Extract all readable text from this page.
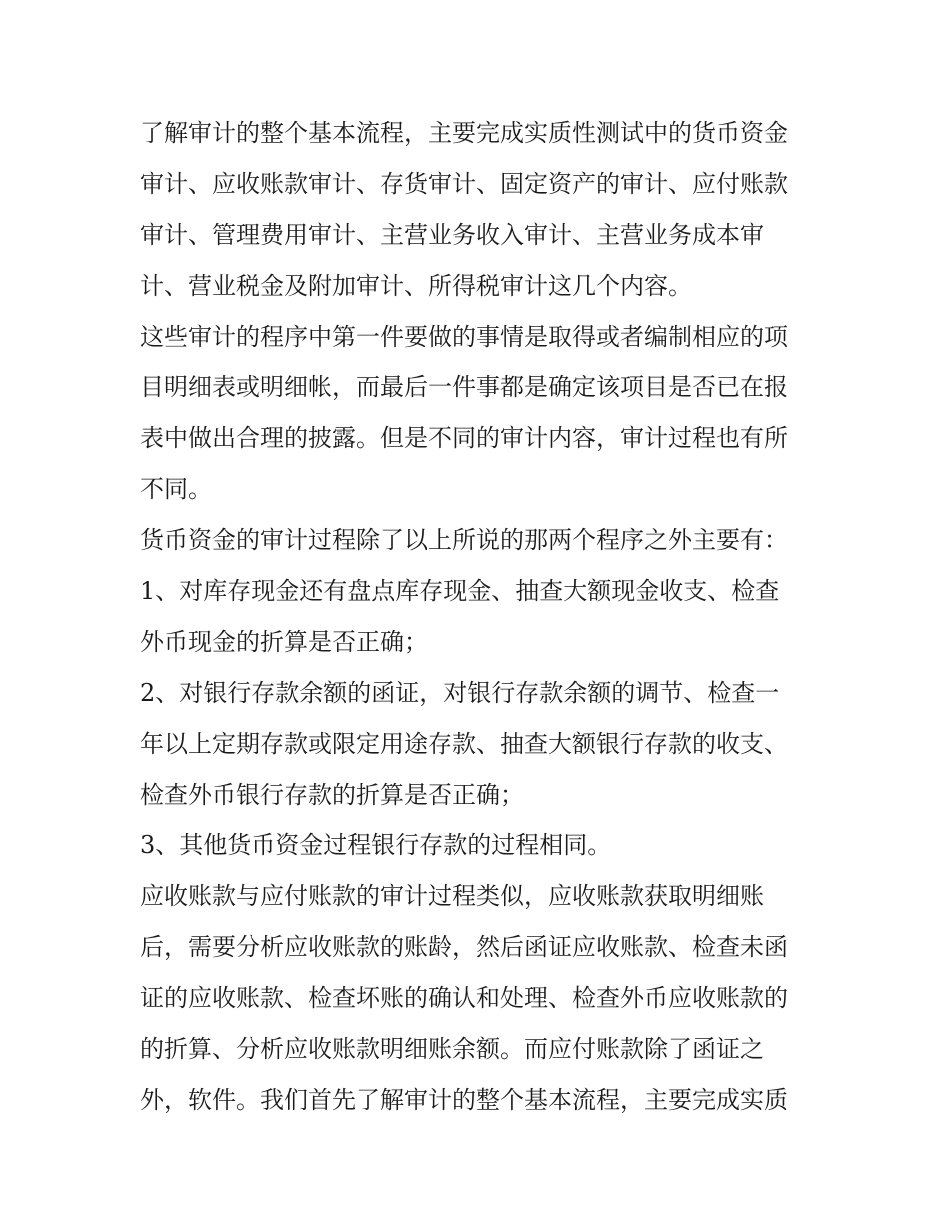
了解审计的整个基本流程，主要完成实质性测试中的货币资金
审计、应收账款审计、存货审计、固定资产的审计、应付账款
审计、管理费用审计、主营业务收入审计、主营业务成本审
计、营业税金及附加审计、所得税审计这几个内容。
这些审计的程序中第一件要做的事情是取得或者编制相应的项
目明细表或明细帐，而最后一件事都是确定该项目是否已在报
表中做出合理的披露。但是不同的审计内容，审计过程也有所
不同。
货币资金的审计过程除了以上所说的那两个程序之外主要有：
1、对库存现金还有盘点库存现金、抽查大额现金收支、检查
外币现金的折算是否正确；
2、对银行存款余额的函证，对银行存款余额的调节、检查一
年以上定期存款或限定用途存款、抽查大额银行存款的收支、
检查外币银行存款的折算是否正确；
3、其他货币资金过程银行存款的过程相同。
应收账款与应付账款的审计过程类似，应收账款获取明细账
后，需要分析应收账款的账龄，然后函证应收账款、检查未函
证的应收账款、检查坏账的确认和处理、检查外币应收账款的
的折算、分析应收账款明细账余额。而应付账款除了函证之
外，软件。我们首先了解审计的整个基本流程，主要完成实质
